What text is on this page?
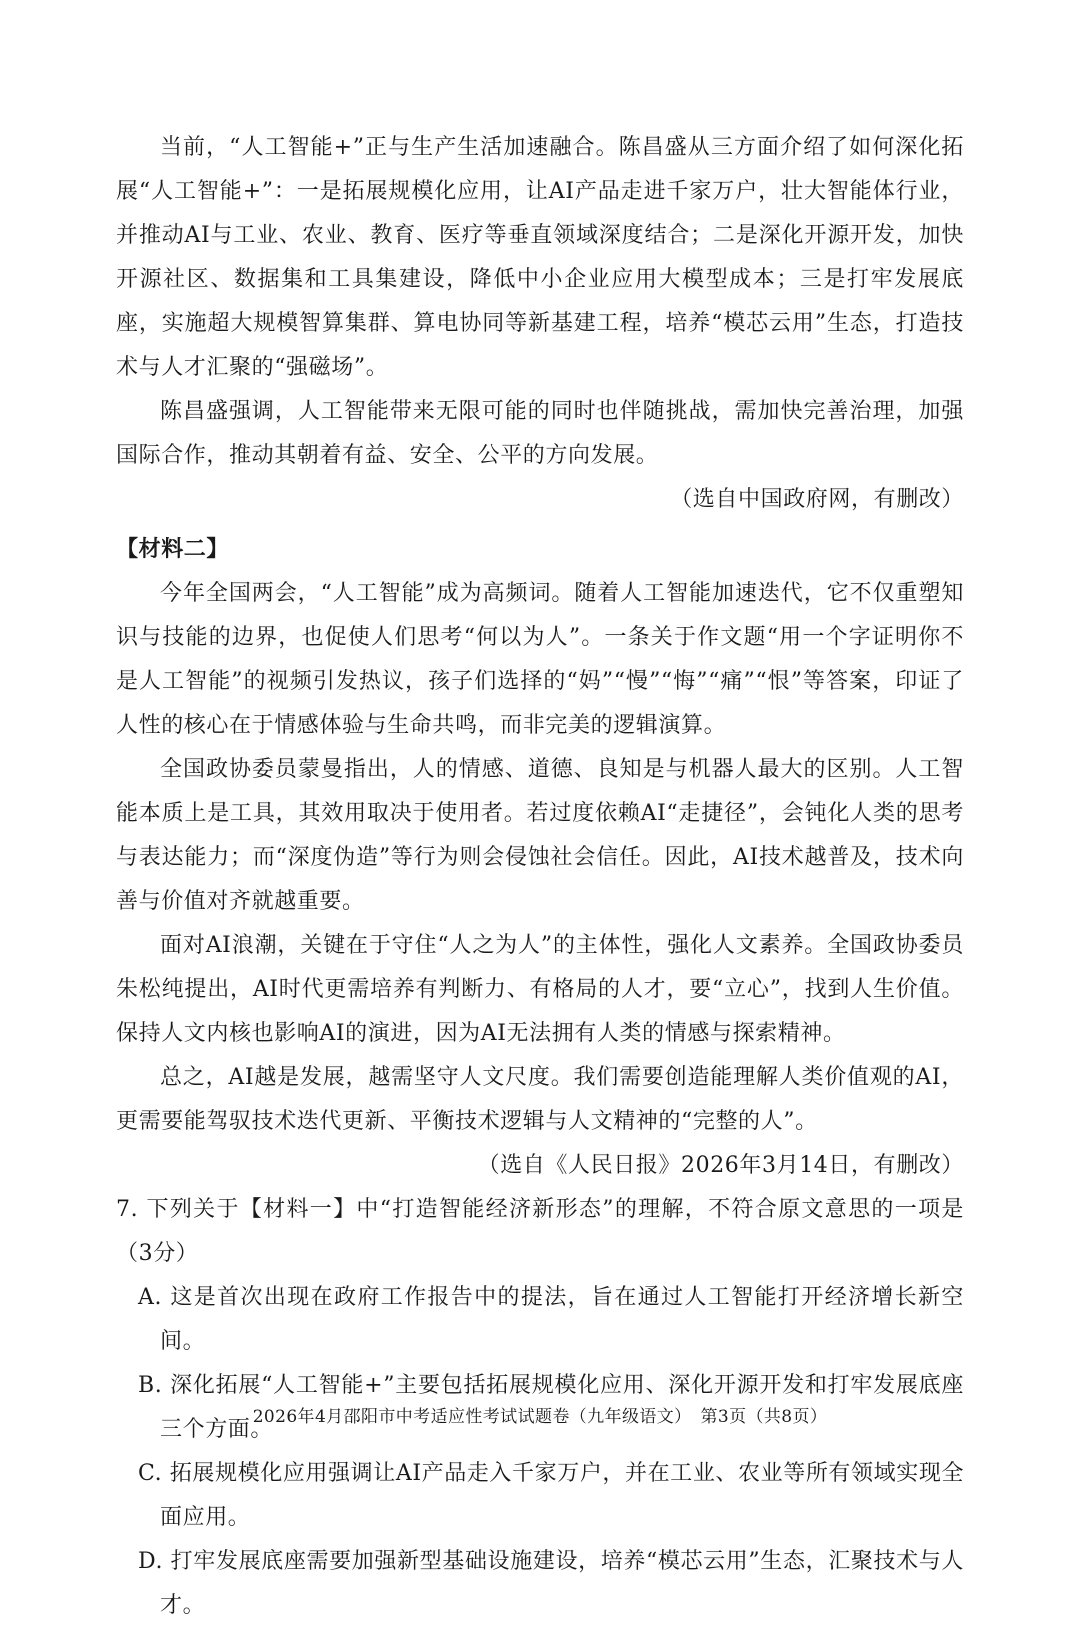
当前，“人工智能+”正与生产生活加速融合。陈昌盛从三方面介绍了如何深化拓展“人工智能+”：一是拓展规模化应用，让AI产品走进千家万户，壮大智能体行业，并推动AI与工业、农业、教育、医疗等垂直领域深度结合；二是深化开源开发，加快开源社区、数据集和工具集建设，降低中小企业应用大模型成本；三是打牢发展底座，实施超大规模智算集群、算电协同等新基建工程，培养“模芯云用”生态，打造技术与人才汇聚的“强磁场”。

陈昌盛强调，人工智能带来无限可能的同时也伴随挑战，需加快完善治理，加强国际合作，推动其朝着有益、安全、公平的方向发展。

（选自中国政府网，有删改）

【材料二】

今年全国两会，“人工智能”成为高频词。随着人工智能加速迭代，它不仅重塑知识与技能的边界，也促使人们思考“何以为人”。一条关于作文题“用一个字证明你不是人工智能”的视频引发热议，孩子们选择的“妈”“慢”“悔”“痛”“恨”等答案，印证了人性的核心在于情感体验与生命共鸣，而非完美的逻辑演算。

全国政协委员蒙曼指出，人的情感、道德、良知是与机器人最大的区别。人工智能本质上是工具，其效用取决于使用者。若过度依赖AI“走捷径”，会钝化人类的思考与表达能力；而“深度伪造”等行为则会侵蚀社会信任。因此，AI技术越普及，技术向善与价值对齐就越重要。

面对AI浪潮，关键在于守住“人之为人”的主体性，强化人文素养。全国政协委员朱松纯提出，AI时代更需培养有判断力、有格局的人才，要“立心”，找到人生价值。保持人文内核也影响AI的演进，因为AI无法拥有人类的情感与探索精神。

总之，AI越是发展，越需坚守人文尺度。我们需要创造能理解人类价值观的AI，更需要能驾驭技术迭代更新、平衡技术逻辑与人文精神的“完整的人”。

（选自《人民日报》2026年3月14日，有删改）

7. 下列关于【材料一】中“打造智能经济新形态”的理解，不符合原文意思的一项是（3分）

A. 这是首次出现在政府工作报告中的提法，旨在通过人工智能打开经济增长新空间。

B. 深化拓展“人工智能+”主要包括拓展规模化应用、深化开源开发和打牢发展底座三个方面。

C. 拓展规模化应用强调让AI产品走入千家万户，并在工业、农业等所有领域实现全面应用。

D. 打牢发展底座需要加强新型基础设施建设，培养“模芯云用”生态，汇聚技术与人才。

2026年4月邵阳市中考适应性考试试题卷（九年级语文）　第3页（共8页）
